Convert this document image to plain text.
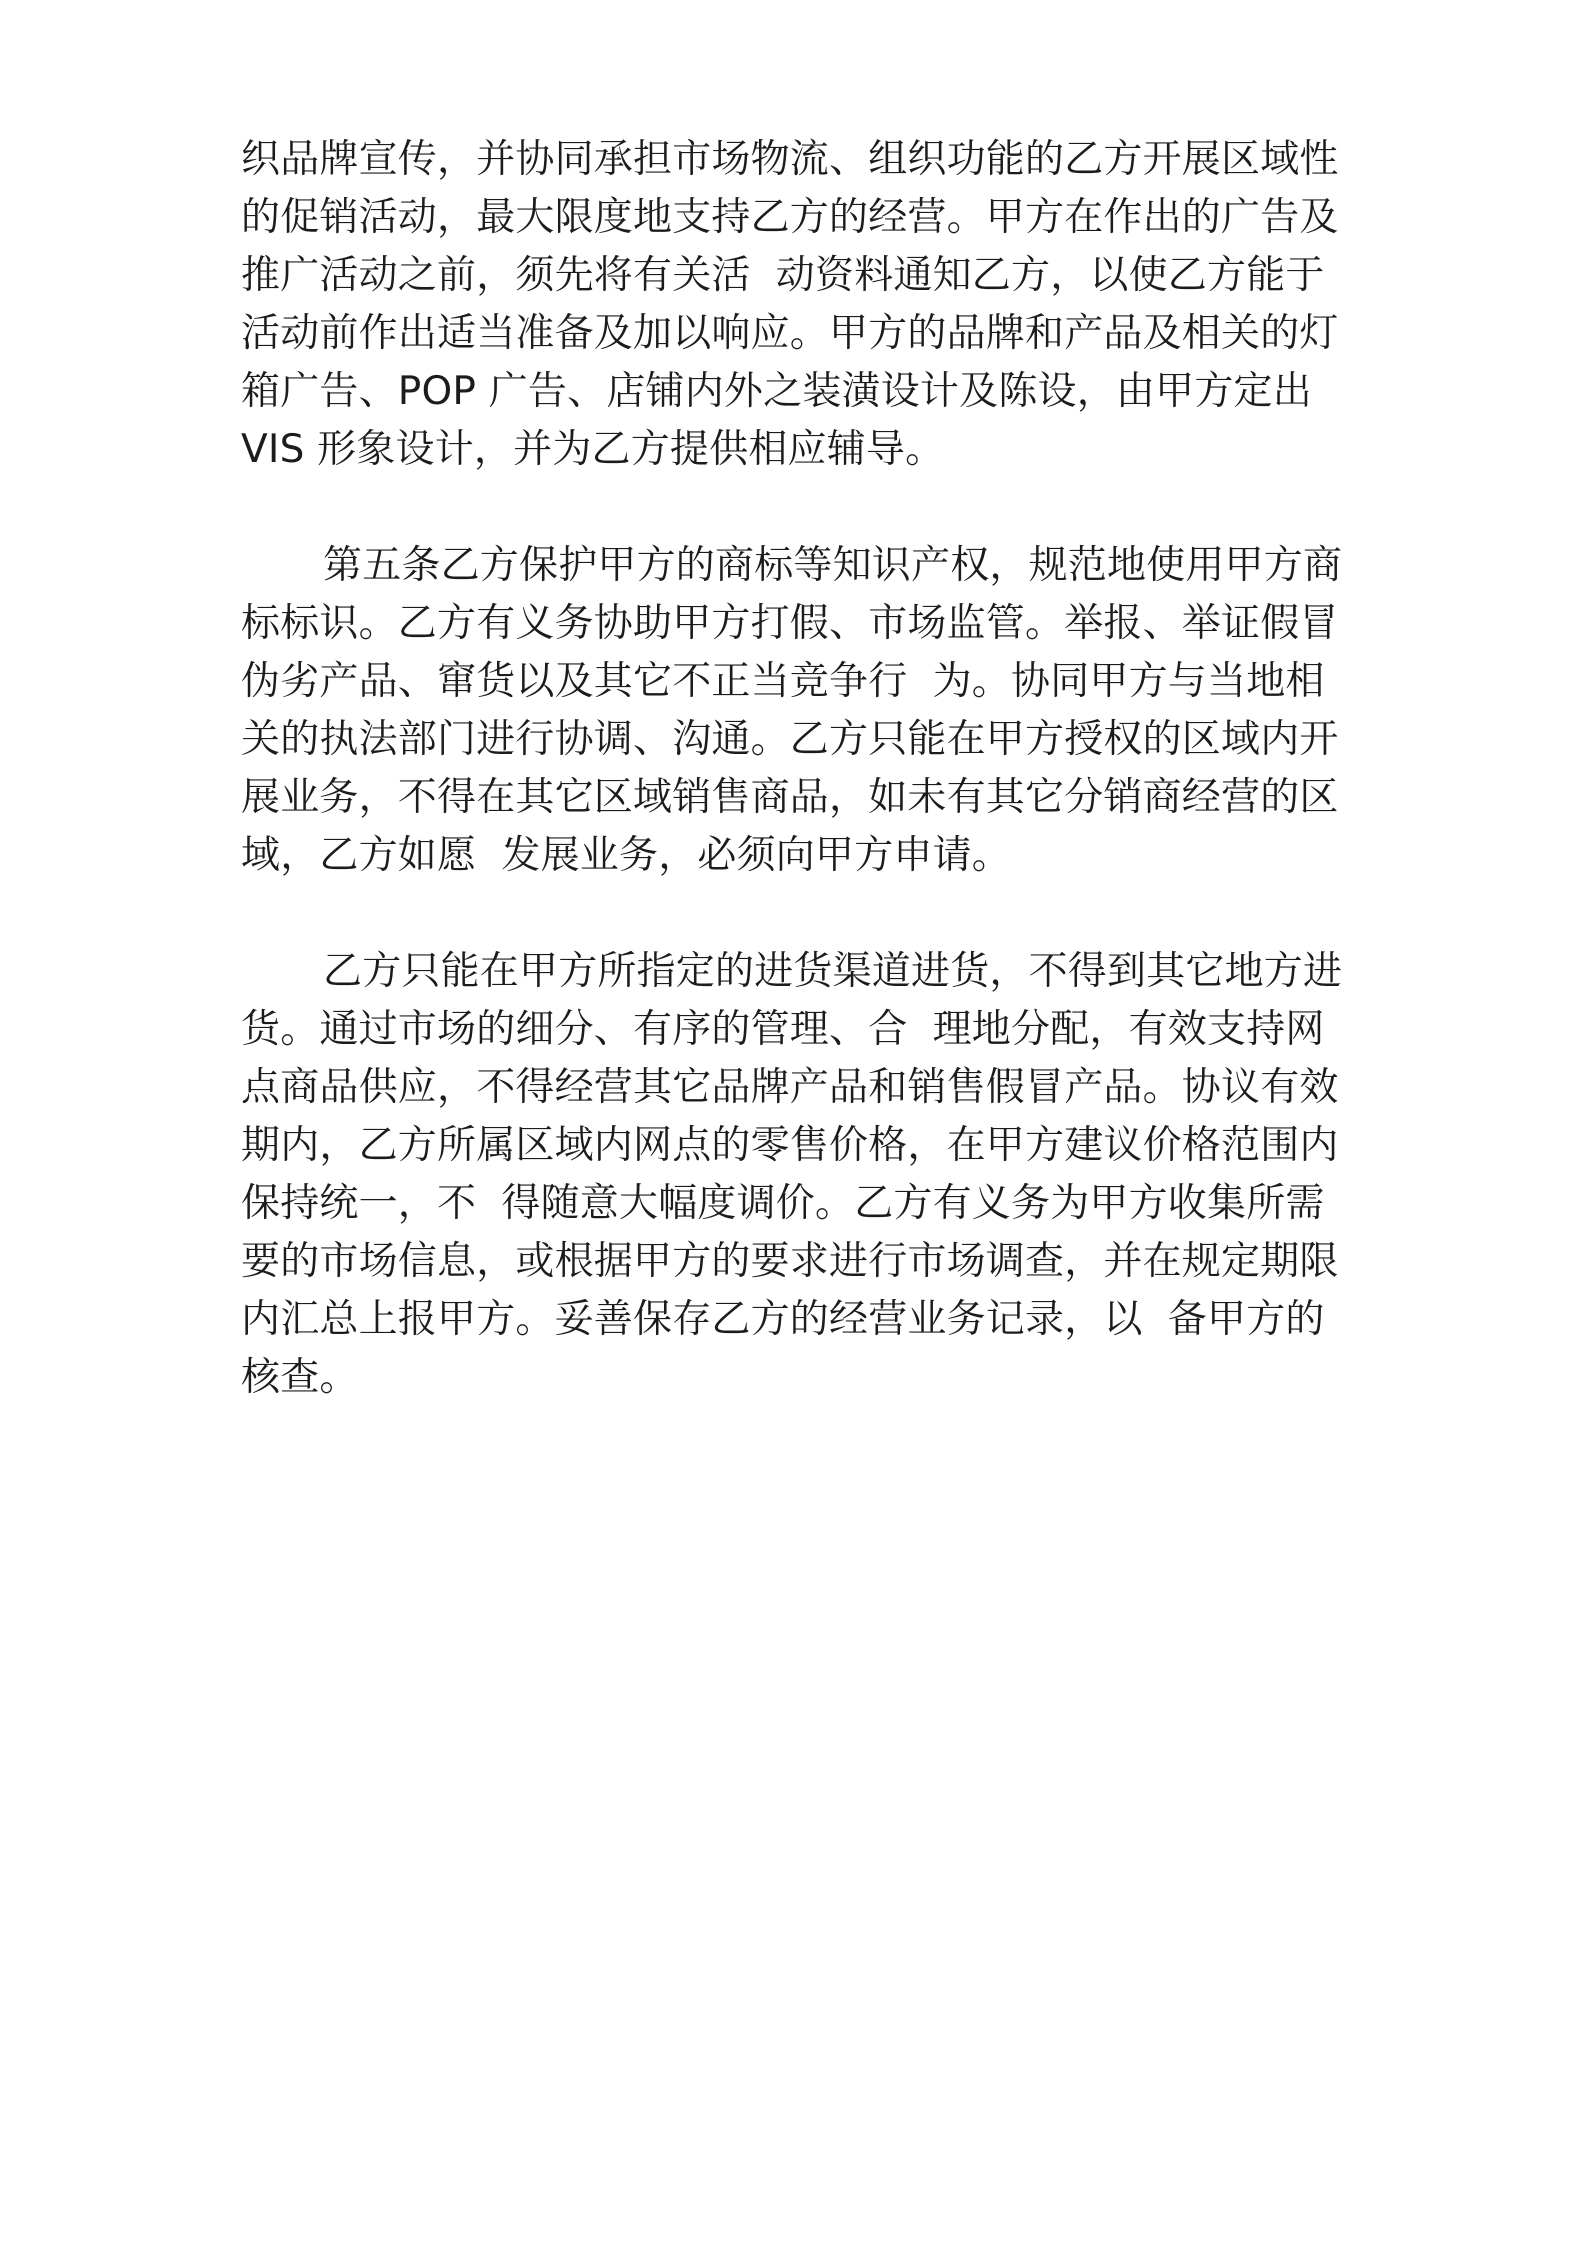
织品牌宣传，并协同承担市场物流、组织功能的乙方开展区域性
的促销活动，最大限度地支持乙方的经营。甲方在作出的广告及
推广活动之前，须先将有关活  动资料通知乙方，以使乙方能于
活动前作出适当准备及加以响应。甲方的品牌和产品及相关的灯
箱广告、POP 广告、店铺内外之装潢设计及陈设，由甲方定出
VIS 形象设计，并为乙方提供相应辅导。
第五条乙方保护甲方的商标等知识产权，规范地使用甲方商
标标识。乙方有义务协助甲方打假、市场监管。举报、举证假冒
伪劣产品、窜货以及其它不正当竞争行  为。协同甲方与当地相
关的执法部门进行协调、沟通。乙方只能在甲方授权的区域内开
展业务，不得在其它区域销售商品，如未有其它分销商经营的区
域，乙方如愿  发展业务，必须向甲方申请。
乙方只能在甲方所指定的进货渠道进货，不得到其它地方进
货。通过市场的细分、有序的管理、合  理地分配，有效支持网
点商品供应，不得经营其它品牌产品和销售假冒产品。协议有效
期内，乙方所属区域内网点的零售价格，在甲方建议价格范围内
保持统一，不  得随意大幅度调价。乙方有义务为甲方收集所需
要的市场信息，或根据甲方的要求进行市场调查，并在规定期限
内汇总上报甲方。妥善保存乙方的经营业务记录，以  备甲方的
核查。
